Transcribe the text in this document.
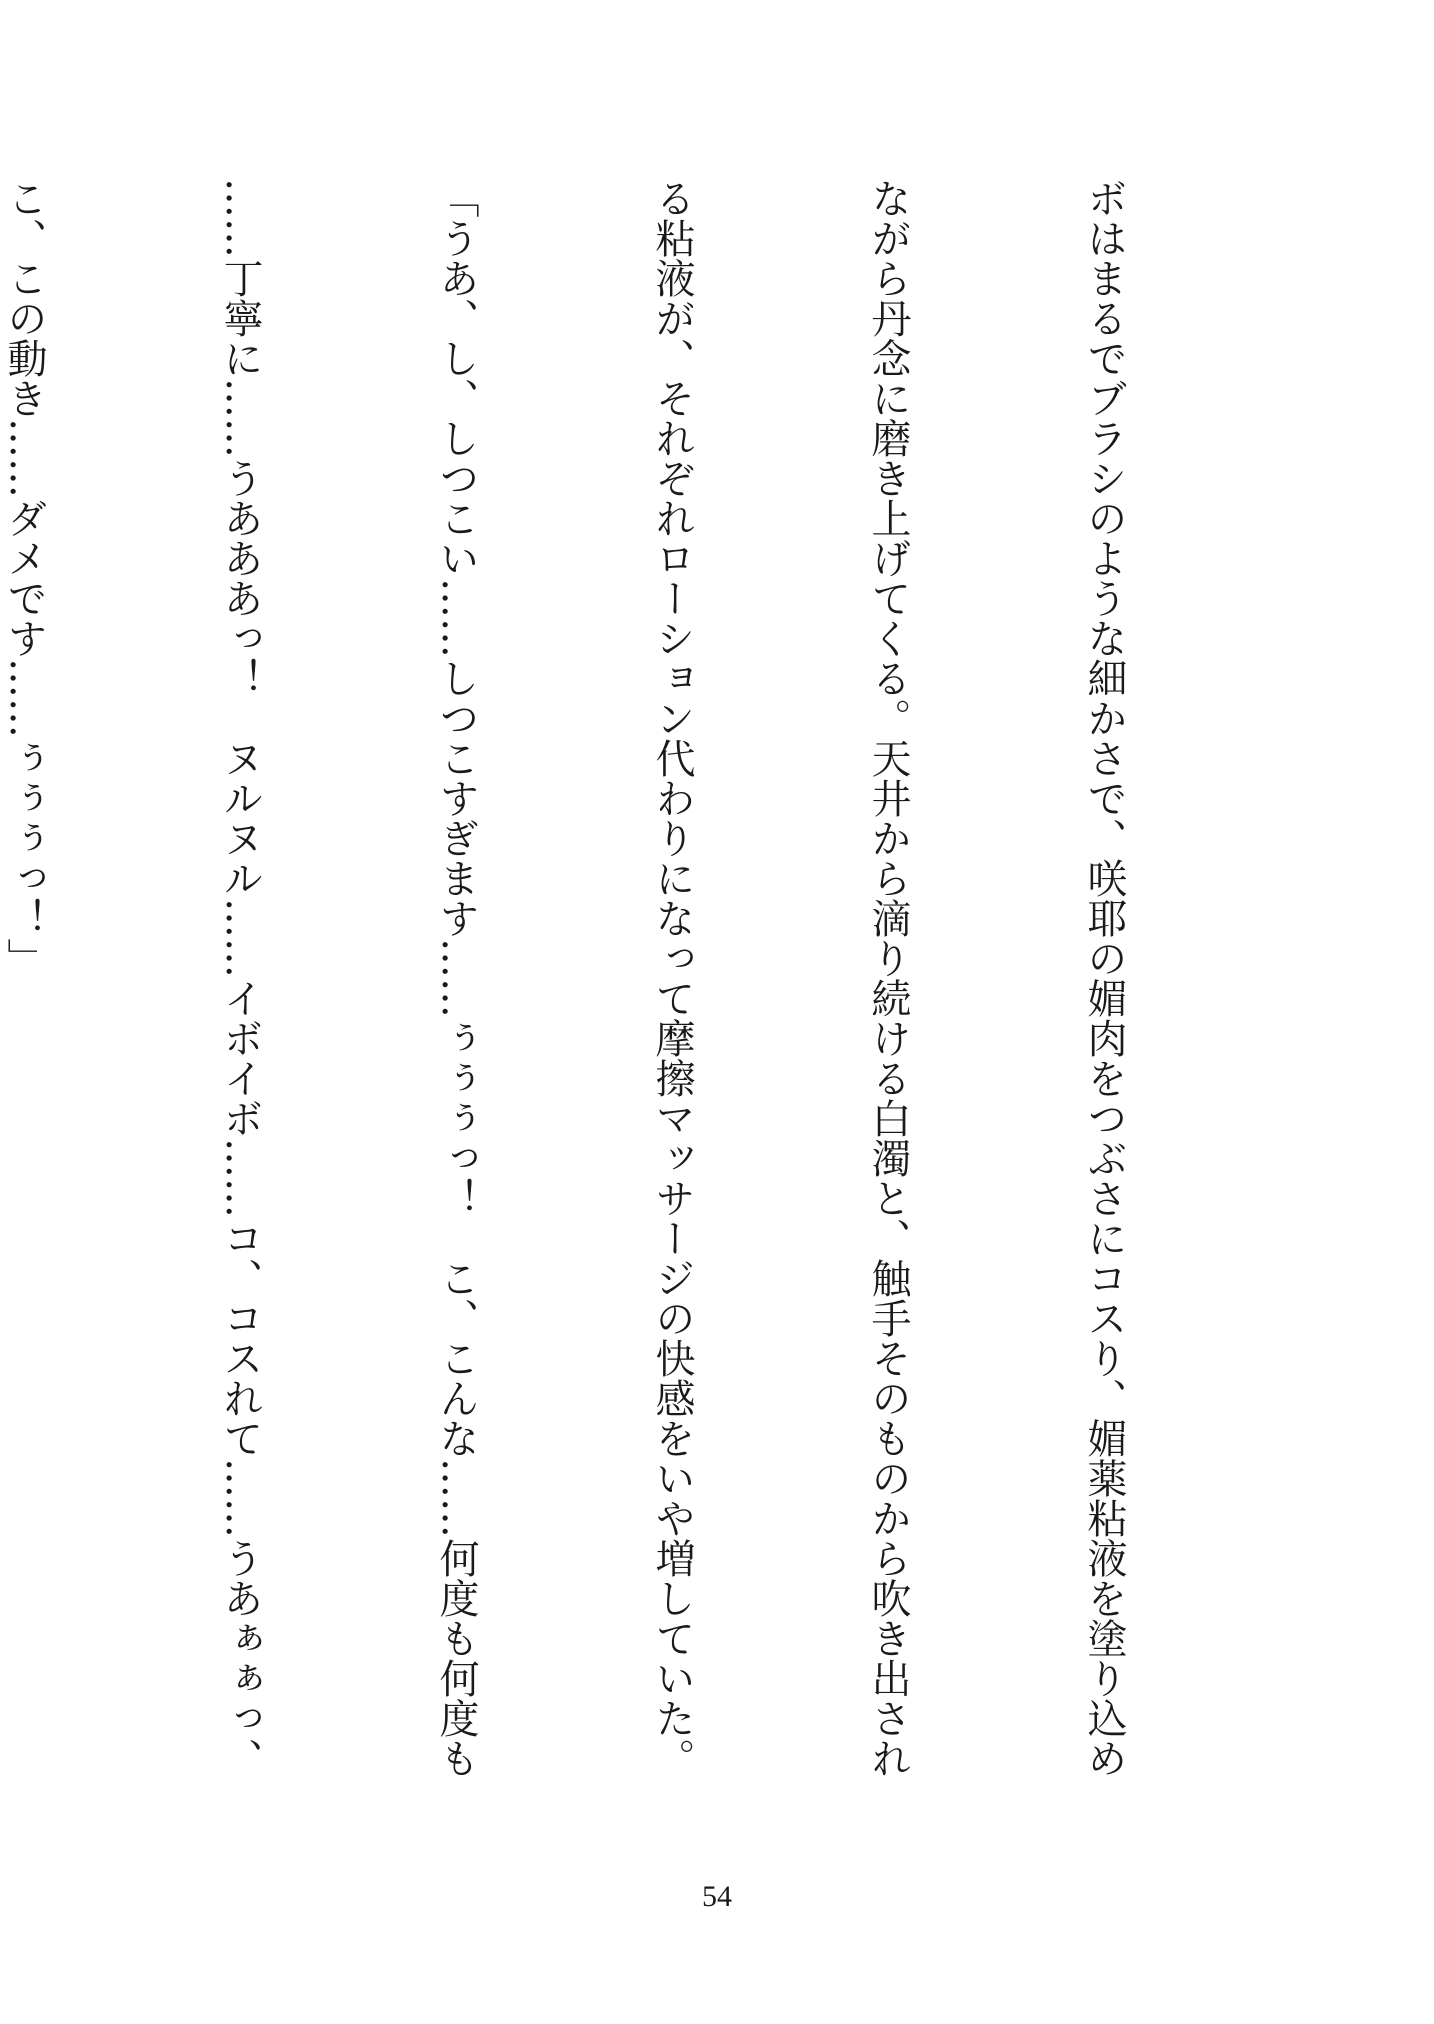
ボはまるでブラシのような細かさで、咲耶の媚肉をつぶさにコスり、媚薬粘液を塗り込め

ながら丹念に磨き上げてくる。天井から滴り続ける白濁と、触手そのものから吹き出され

る粘液が、それぞれローション代わりになって摩擦マッサージの快感をいや増していた。

「うあ、し、しつこい……しつこすぎます……ぅぅぅっ！　こ、こんな……何度も何度も

……丁寧に……うあああっ！　ヌルヌル……イボイボ……コ、コスれて……うあぁぁっ、

こ、この動き……ダメです……ぅぅぅっ！」

54
